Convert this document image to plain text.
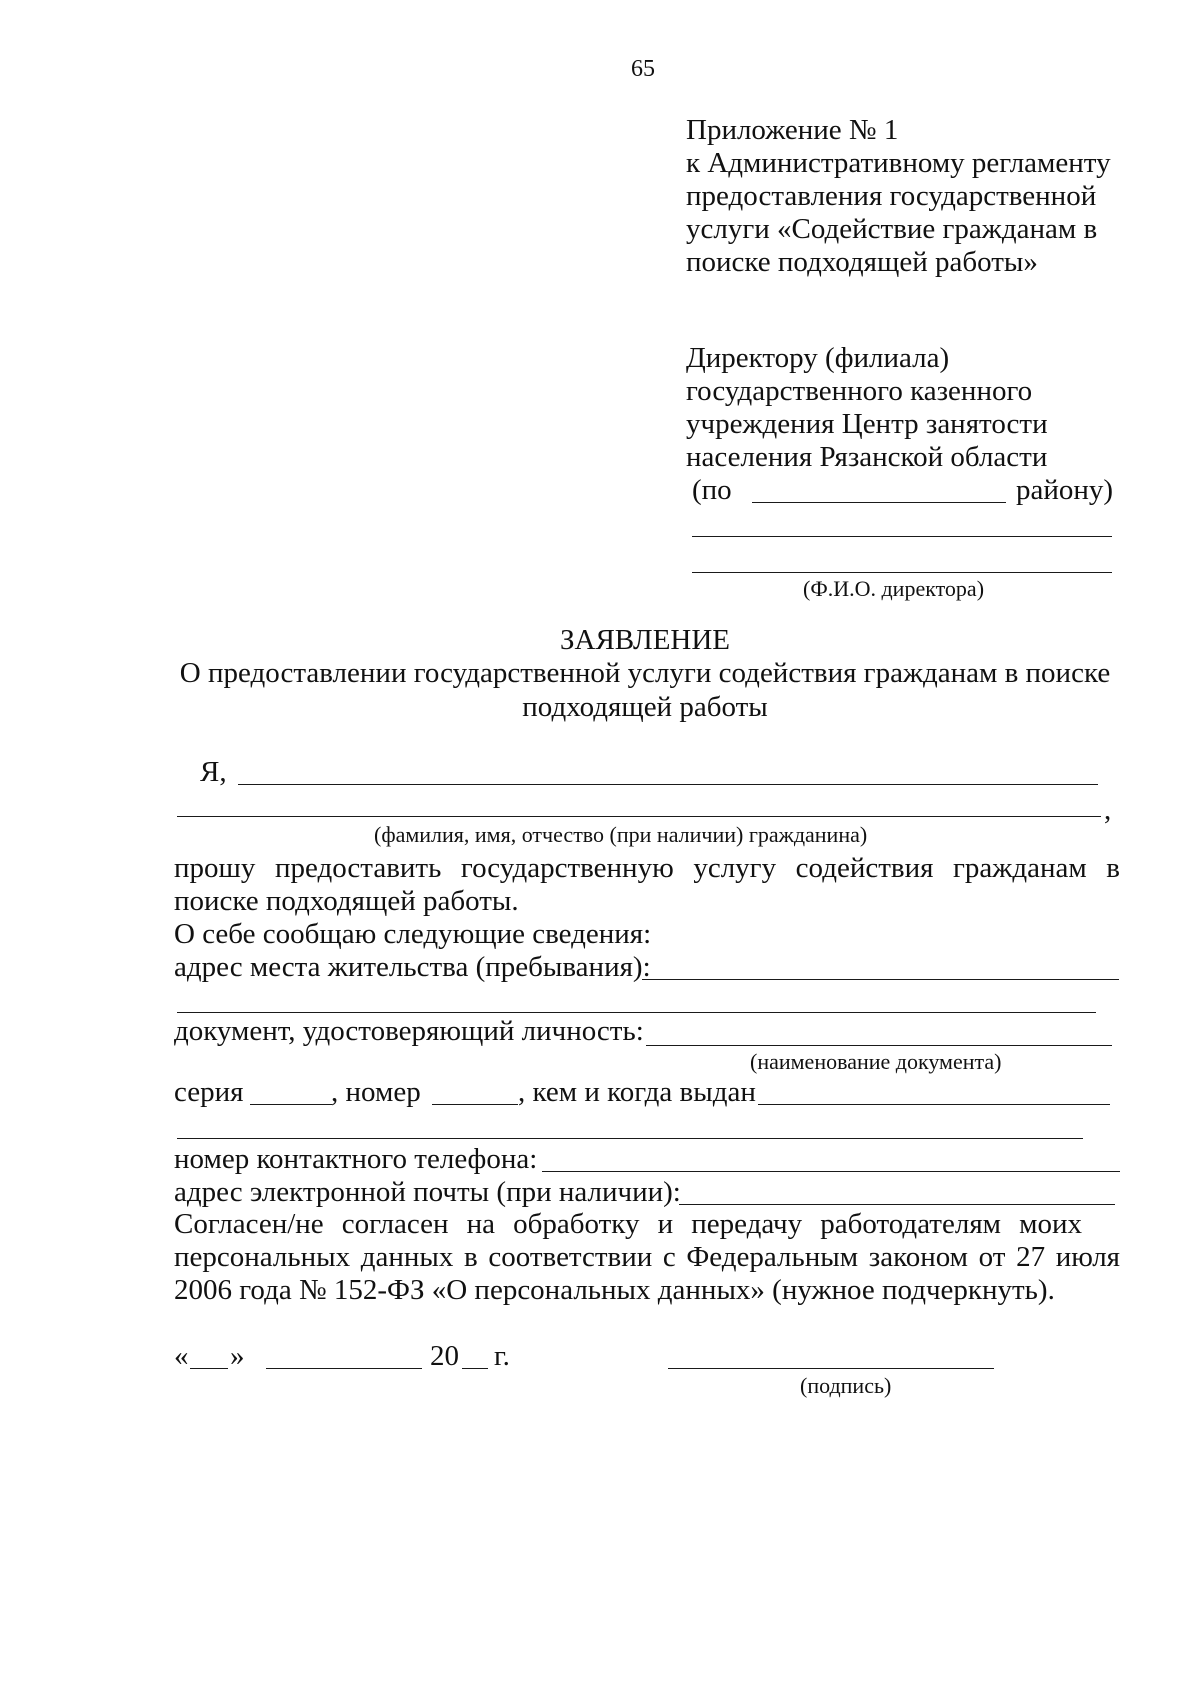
65
Приложение № 1
к Административному регламенту
предоставления государственной
услуги «Содействие гражданам в
поиске подходящей работы»
Директору (филиала)
государственного казенного
учреждения Центр занятости
населения Рязанской области
(по	району)
(Ф.И.О. директора)
ЗАЯВЛЕНИЕ
О предоставлении государственной услуги содействия гражданам в поиске
подходящей работы
Я,
,
(фамилия, имя, отчество (при наличии) гражданина)
прошу предоставить государственную услугу содействия гражданам в
поиске подходящей работы.
О себе сообщаю следующие сведения:
адрес места жительства (пребывания):
документ, удостоверяющий личность:
(наименование документа)
серия	, номер	, кем и когда выдан
номер контактного телефона:
адрес электронной почты (при наличии):
Согласен/не согласен на обработку и передачу работодателям моих
персональных данных в соответствии с Федеральным законом от 27 июля
2006 года № 152-ФЗ «О персональных данных» (нужное подчеркнуть).
« »	20 г.
(подпись)
